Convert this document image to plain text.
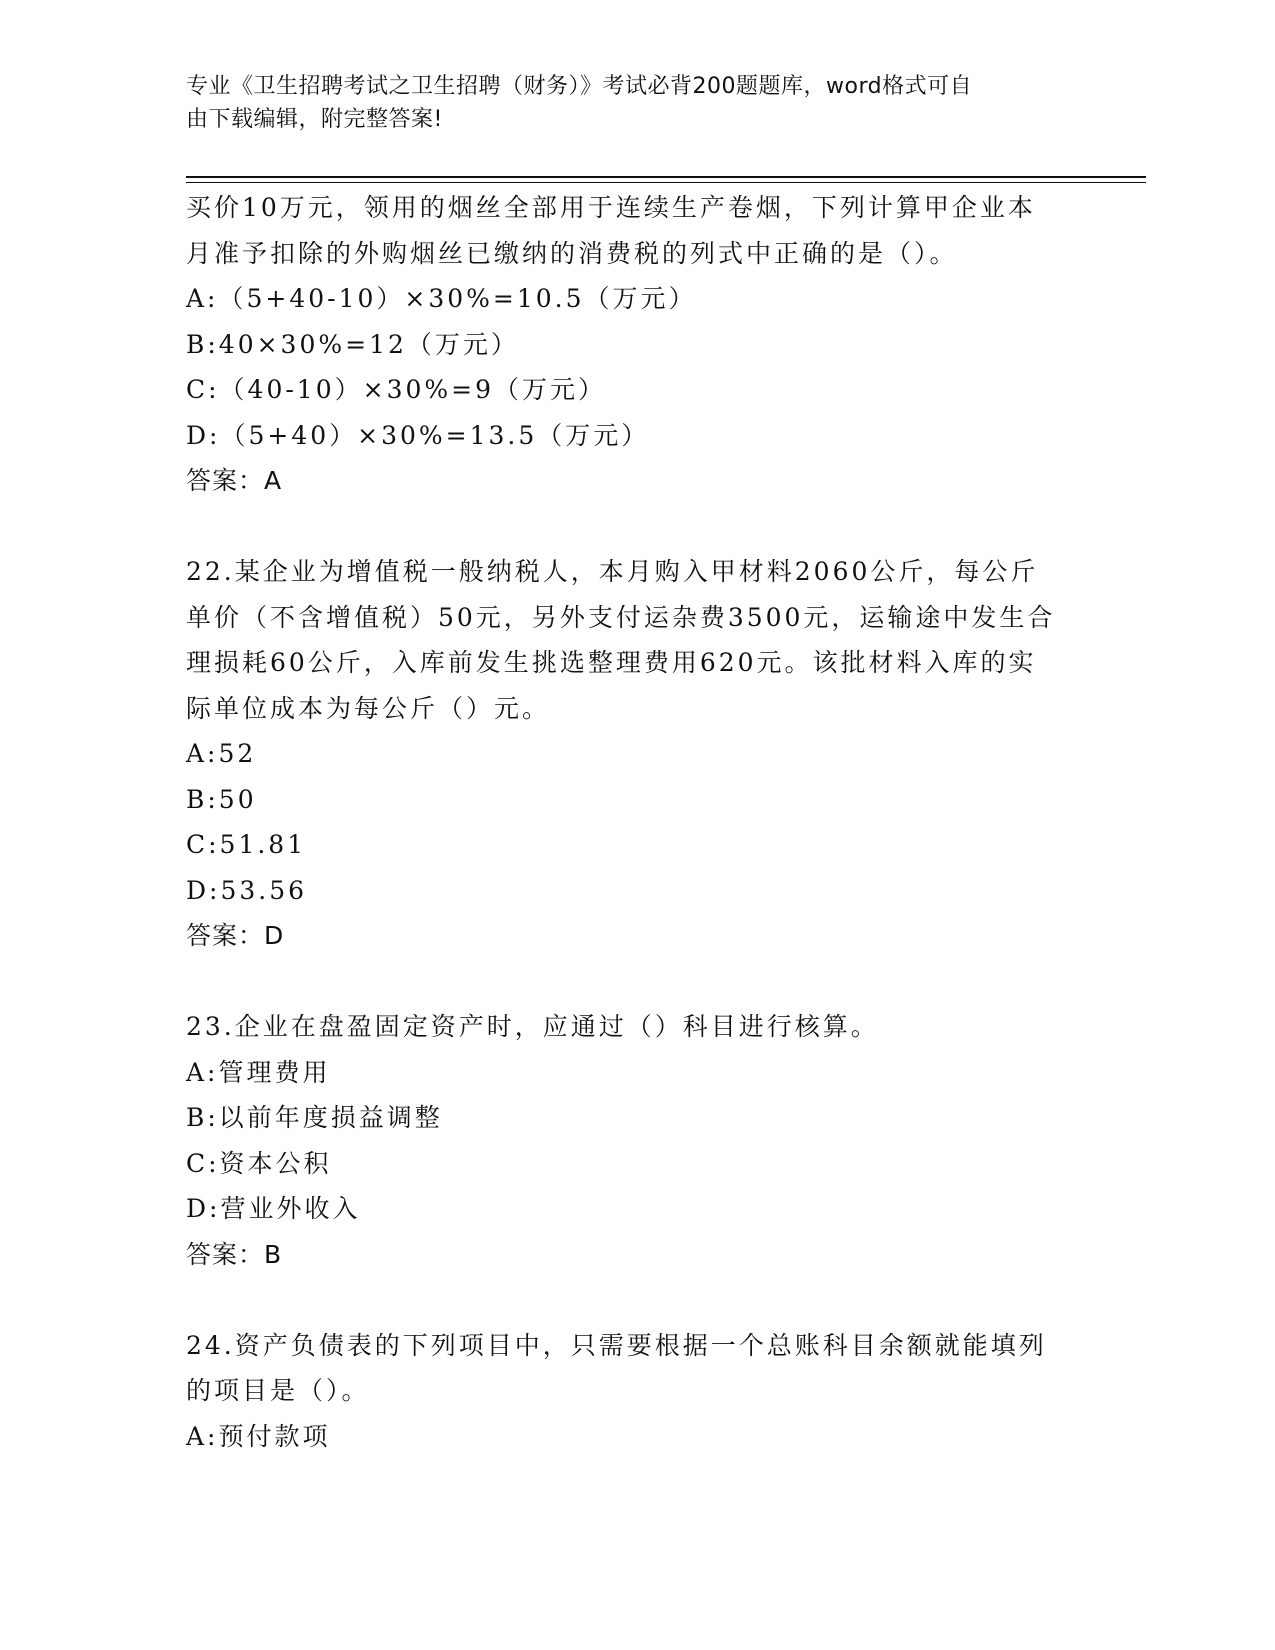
专业《卫生招聘考试之卫生招聘（财务）》考试必背200题题库，word格式可自
由下载编辑，附完整答案!
买价10万元，领用的烟丝全部用于连续生产卷烟，下列计算甲企业本
月准予扣除的外购烟丝已缴纳的消费税的列式中正确的是（）。
A:（5+40-10）×30%=10.5（万元）
B:40×30%=12（万元）
C:（40-10）×30%=9（万元）
D:（5+40）×30%=13.5（万元）
答案：A
22.某企业为增值税一般纳税人，本月购入甲材料2060公斤，每公斤
单价（不含增值税）50元，另外支付运杂费3500元，运输途中发生合
理损耗60公斤，入库前发生挑选整理费用620元。该批材料入库的实
际单位成本为每公斤（）元。
A:52
B:50
C:51.81
D:53.56
答案：D
23.企业在盘盈固定资产时，应通过（）科目进行核算。
A:管理费用
B:以前年度损益调整
C:资本公积
D:营业外收入
答案：B
24.资产负债表的下列项目中，只需要根据一个总账科目余额就能填列
的项目是（）。
A:预付款项
